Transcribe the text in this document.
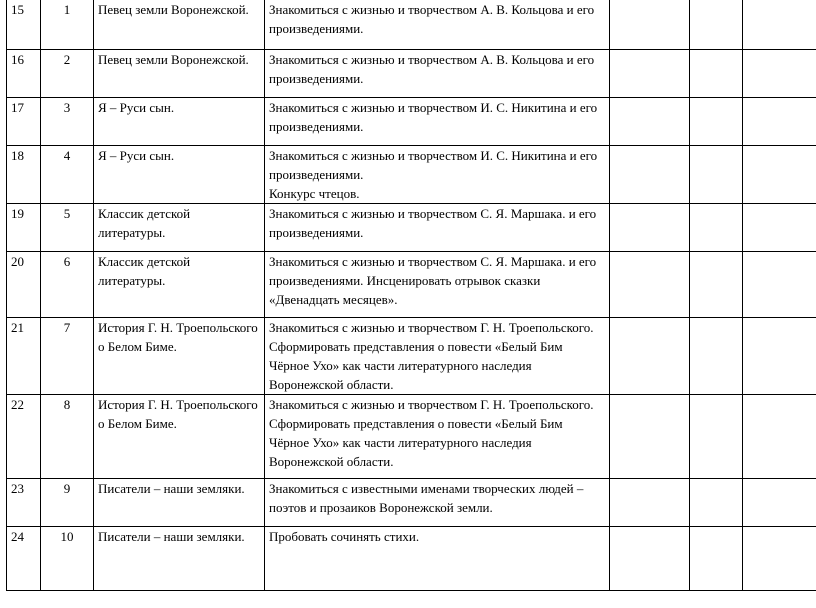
15	1	Певец земли Воронежской.	Знакомиться с жизнью и творчеством А. В. Кольцова и его произведениями.			

16	2	Певец земли Воронежской.	Знакомиться с жизнью и творчеством А. В. Кольцова и его произведениями.			

17	3	Я – Руси сын.	Знакомиться с жизнью и творчеством И. С. Никитина и его произведениями.			

18	4	Я – Руси сын.	Знакомиться с жизнью и творчеством И. С. Никитина и его произведениями.
Конкурс чтецов.			

19	5	Классик детской литературы.	Знакомиться с жизнью и творчеством С. Я. Маршака. и его произведениями.			

20	6	Классик детской литературы.	Знакомиться с жизнью и творчеством С. Я. Маршака. и его произведениями. Инсценировать отрывок сказки «Двенадцать месяцев».			

21	7	История Г. Н. Троепольского о Белом Биме.	Знакомиться с жизнью и творчеством Г. Н. Троепольского. Сформировать представления о повести «Белый Бим Чёрное Ухо» как части литературного наследия Воронежской области.			

22	8	История Г. Н. Троепольского о Белом Биме.	Знакомиться с жизнью и творчеством Г. Н. Троепольского. Сформировать представления о повести «Белый Бим Чёрное Ухо» как части литературного наследия Воронежской области.			

23	9	Писатели – наши земляки.	Знакомиться с известными именами творческих людей – поэтов и прозаиков Воронежской земли.			

24	10	Писатели – наши земляки.	Пробовать сочинять стихи.			
